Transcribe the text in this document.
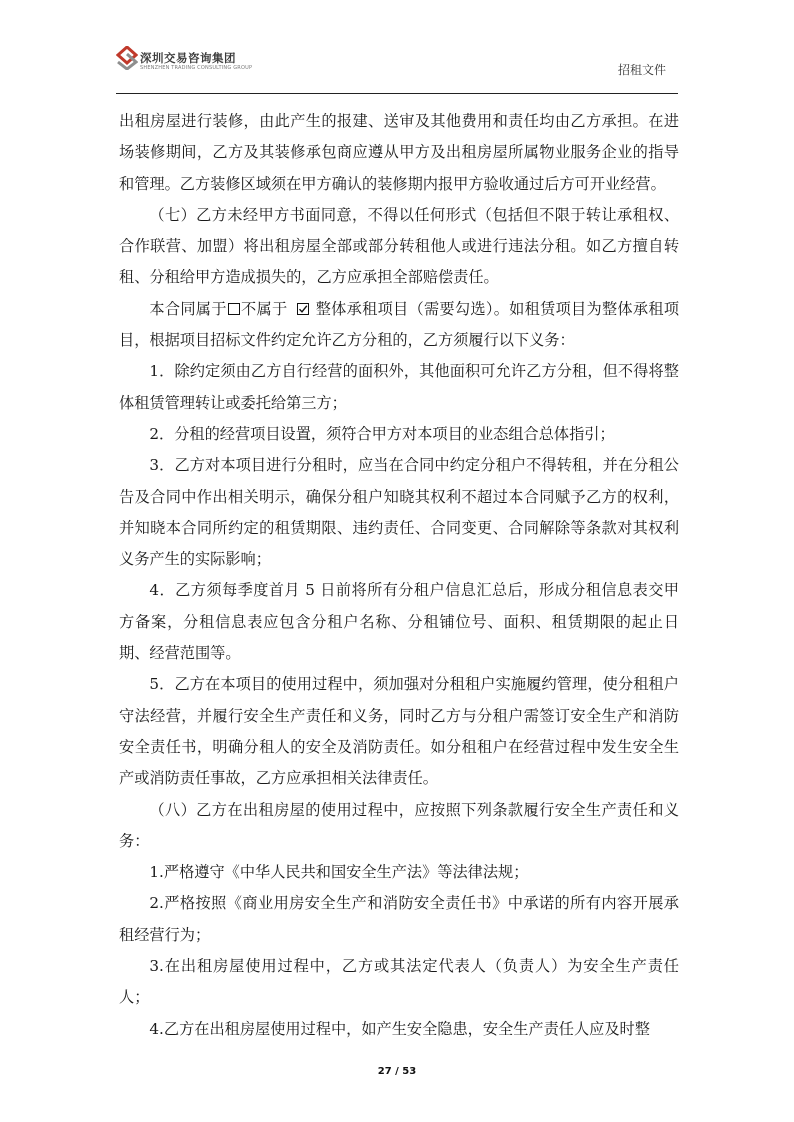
深圳交易咨询集团
SHENZHEN TRADING CONSULTING GROUP	招租文件

出租房屋进行装修，由此产生的报建、送审及其他费用和责任均由乙方承担。在进场装修期间，乙方及其装修承包商应遵从甲方及出租房屋所属物业服务企业的指导和管理。乙方装修区域须在甲方确认的装修期内报甲方验收通过后方可开业经营。

（七）乙方未经甲方书面同意，不得以任何形式（包括但不限于转让承租权、合作联营、加盟）将出租房屋全部或部分转租他人或进行违法分租。如乙方擅自转租、分租给甲方造成损失的，乙方应承担全部赔偿责任。

本合同属于 不属于 整体承租项目（需要勾选）。如租赁项目为整体承租项目，根据项目招标文件约定允许乙方分租的，乙方须履行以下义务：

1．除约定须由乙方自行经营的面积外，其他面积可允许乙方分租，但不得将整体租赁管理转让或委托给第三方；

2．分租的经营项目设置，须符合甲方对本项目的业态组合总体指引；

3．乙方对本项目进行分租时，应当在合同中约定分租户不得转租，并在分租公告及合同中作出相关明示，确保分租户知晓其权利不超过本合同赋予乙方的权利，并知晓本合同所约定的租赁期限、违约责任、合同变更、合同解除等条款对其权利义务产生的实际影响；

4．乙方须每季度首月 5 日前将所有分租户信息汇总后，形成分租信息表交甲方备案，分租信息表应包含分租户名称、分租铺位号、面积、租赁期限的起止日期、经营范围等。

5．乙方在本项目的使用过程中，须加强对分租租户实施履约管理，使分租租户守法经营，并履行安全生产责任和义务，同时乙方与分租户需签订安全生产和消防安全责任书，明确分租人的安全及消防责任。如分租租户在经营过程中发生安全生产或消防责任事故，乙方应承担相关法律责任。

（八）乙方在出租房屋的使用过程中，应按照下列条款履行安全生产责任和义务：

1.严格遵守《中华人民共和国安全生产法》等法律法规；

2.严格按照《商业用房安全生产和消防安全责任书》中承诺的所有内容开展承租经营行为；

3.在出租房屋使用过程中，乙方或其法定代表人（负责人）为安全生产责任人；

4.乙方在出租房屋使用过程中，如产生安全隐患，安全生产责任人应及时整

27 / 53
